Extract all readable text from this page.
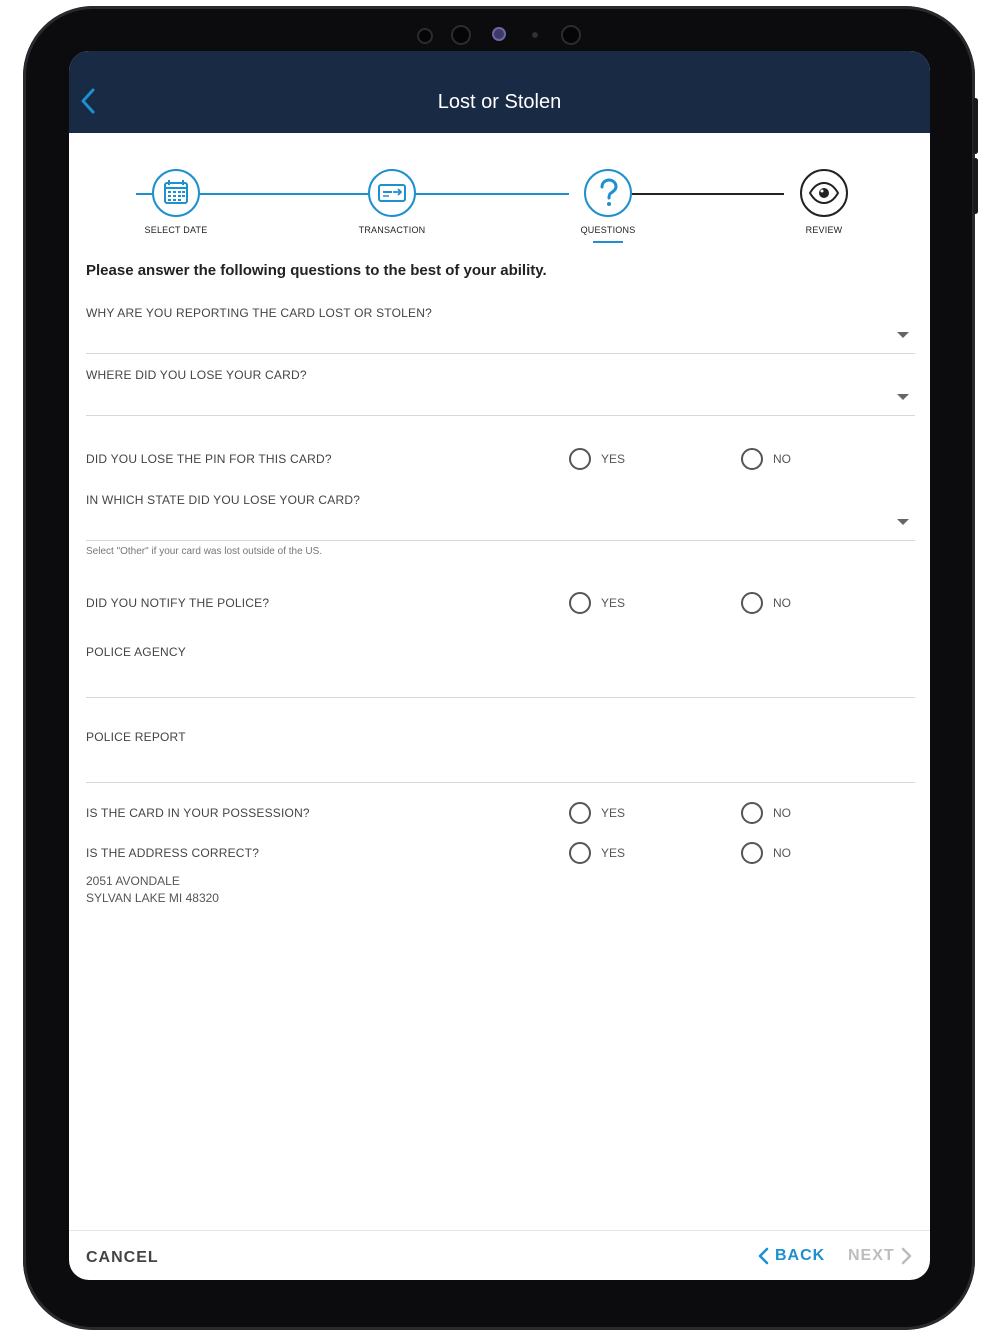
Lost or Stolen
SELECT DATE	TRANSACTION	QUESTIONS	REVIEW
Please answer the following questions to the best of your ability.
WHY ARE YOU REPORTING THE CARD LOST OR STOLEN?
WHERE DID YOU LOSE YOUR CARD?
DID YOU LOSE THE PIN FOR THIS CARD?	YES	NO
IN WHICH STATE DID YOU LOSE YOUR CARD?
Select "Other" if your card was lost outside of the US.
DID YOU NOTIFY THE POLICE?	YES	NO
POLICE AGENCY
POLICE REPORT
IS THE CARD IN YOUR POSSESSION?	YES	NO
IS THE ADDRESS CORRECT?	YES	NO
2051 AVONDALE
SYLVAN LAKE MI 48320
CANCEL	BACK NEXT
